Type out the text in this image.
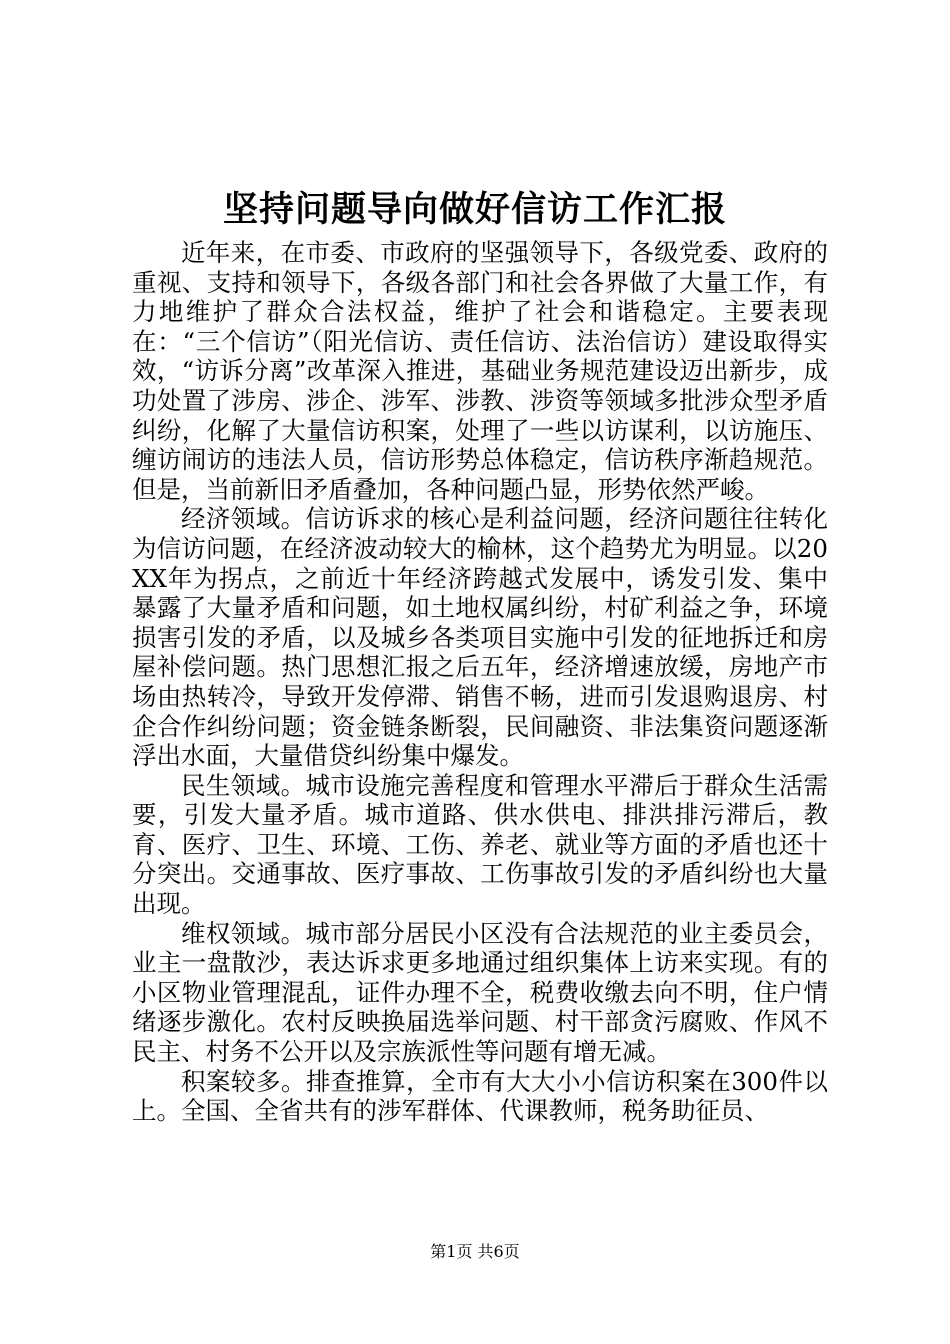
坚持问题导向做好信访工作汇报

近年来，在市委、市政府的坚强领导下，各级党委、政府的重视、支持和领导下，各级各部门和社会各界做了大量工作，有力地维护了群众合法权益，维护了社会和谐稳定。主要表现在：“三个信访”（阳光信访、责任信访、法治信访）建设取得实效，“访诉分离”改革深入推进，基础业务规范建设迈出新步，成功处置了涉房、涉企、涉军、涉教、涉资等领域多批涉众型矛盾纠纷，化解了大量信访积案，处理了一些以访谋利，以访施压、缠访闹访的违法人员，信访形势总体稳定，信访秩序渐趋规范。但是，当前新旧矛盾叠加，各种问题凸显，形势依然严峻。

经济领域。信访诉求的核心是利益问题，经济问题往往转化为信访问题，在经济波动较大的榆林，这个趋势尤为明显。以20XX年为拐点，之前近十年经济跨越式发展中，诱发引发、集中暴露了大量矛盾和问题，如土地权属纠纷，村矿利益之争，环境损害引发的矛盾，以及城乡各类项目实施中引发的征地拆迁和房屋补偿问题。热门思想汇报之后五年，经济增速放缓，房地产市场由热转冷，导致开发停滞、销售不畅，进而引发退购退房、村企合作纠纷问题；资金链条断裂，民间融资、非法集资问题逐渐浮出水面，大量借贷纠纷集中爆发。

民生领域。城市设施完善程度和管理水平滞后于群众生活需要，引发大量矛盾。城市道路、供水供电、排洪排污滞后，教育、医疗、卫生、环境、工伤、养老、就业等方面的矛盾也还十分突出。交通事故、医疗事故、工伤事故引发的矛盾纠纷也大量出现。

维权领域。城市部分居民小区没有合法规范的业主委员会，业主一盘散沙，表达诉求更多地通过组织集体上访来实现。有的小区物业管理混乱，证件办理不全，税费收缴去向不明，住户情绪逐步激化。农村反映换届选举问题、村干部贪污腐败、作风不民主、村务不公开以及宗族派性等问题有增无减。

积案较多。排查推算，全市有大大小小信访积案在300件以上。全国、全省共有的涉军群体、代课教师，税务助征员、

第1页 共6页
